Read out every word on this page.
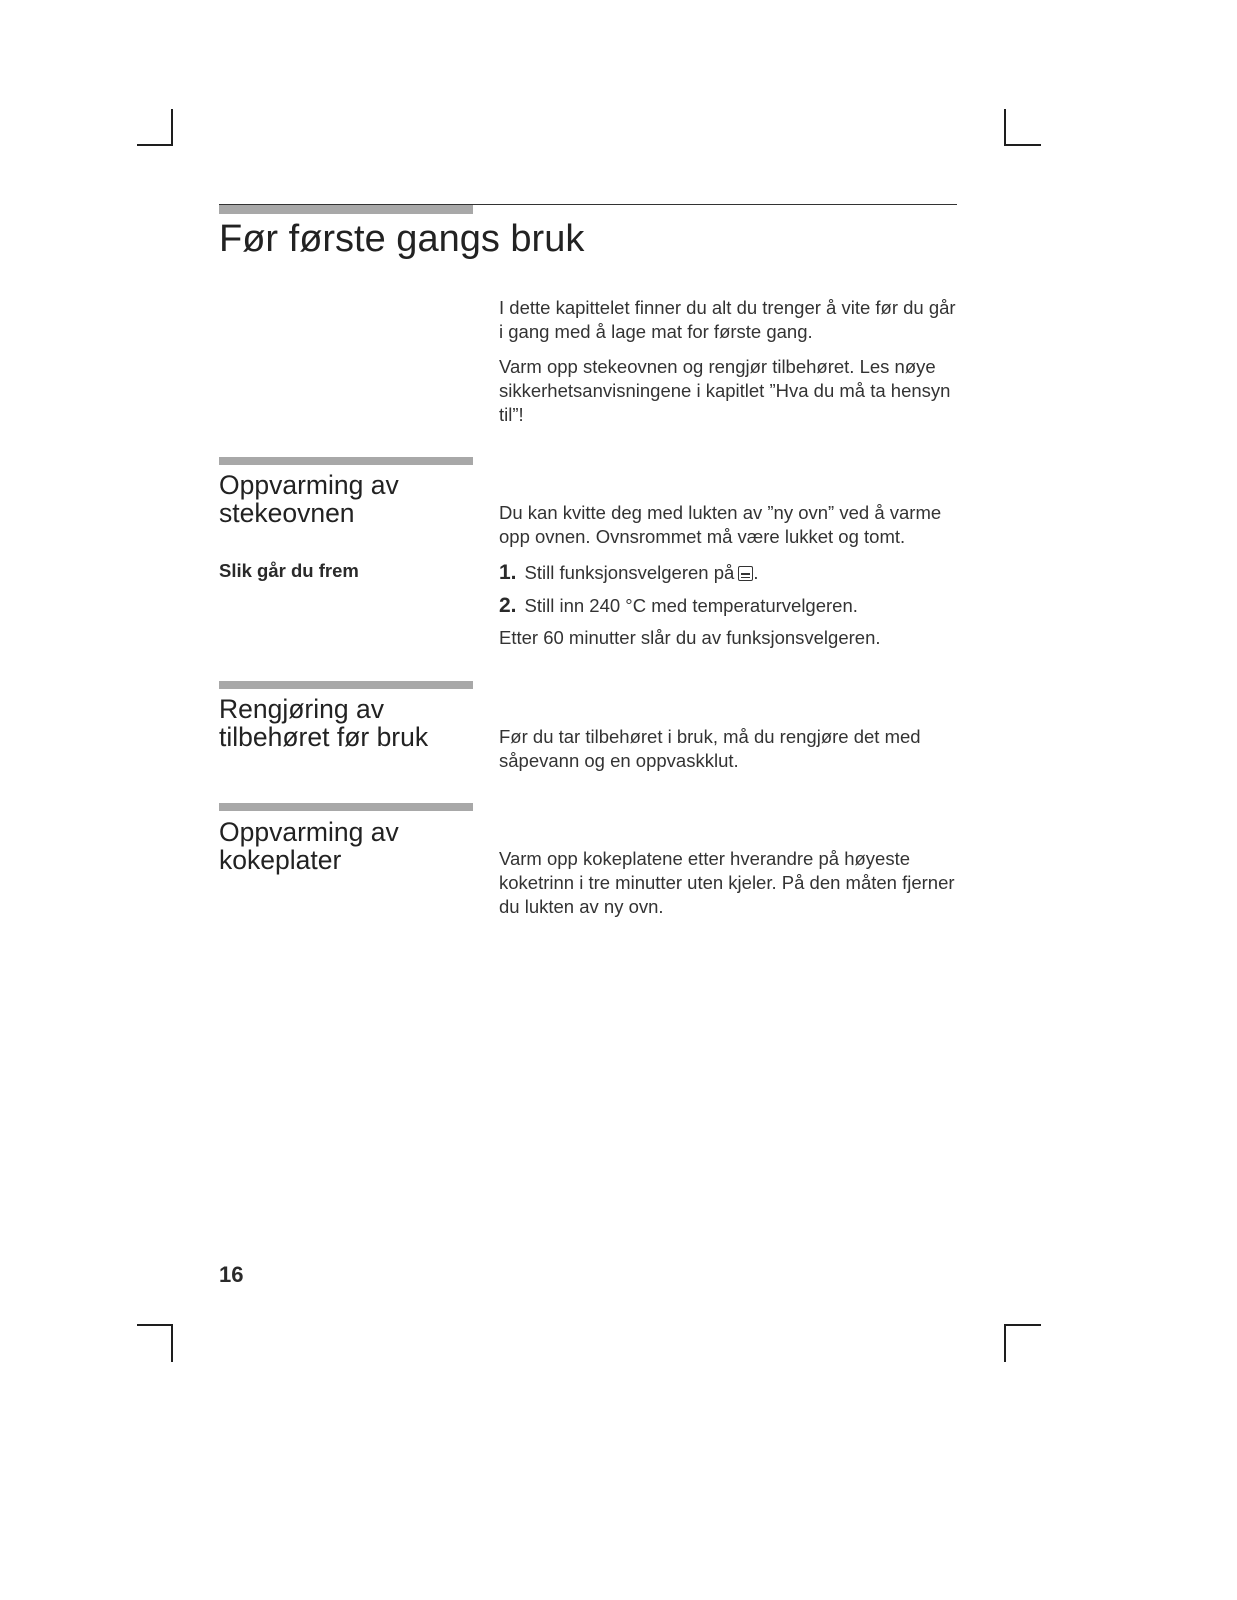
Før første gangs bruk

I dette kapittelet finner du alt du trenger å vite før du går i gang med å lage mat for første gang.

Varm opp stekeovnen og rengjør tilbehøret. Les nøye sikkerhetsanvisningene i kapitlet ”Hva du må ta hensyn til”!

Oppvarming av
stekeovnen

Slik går du frem

Du kan kvitte deg med lukten av ”ny ovn” ved å varme opp ovnen. Ovnsrommet må være lukket og tomt.

1. Still funksjonsvelgeren på .
2. Still inn 240 °C med temperaturvelgeren.

Etter 60 minutter slår du av funksjonsvelgeren.

Rengjøring av
tilbehøret før bruk	Før du tar tilbehøret i bruk, må du rengjøre det med såpevann og en oppvaskklut.

Oppvarming av
kokeplater	Varm opp kokeplatene etter hverandre på høyeste koketrinn i tre minutter uten kjeler. På den måten fjerner du lukten av ny ovn.

16
